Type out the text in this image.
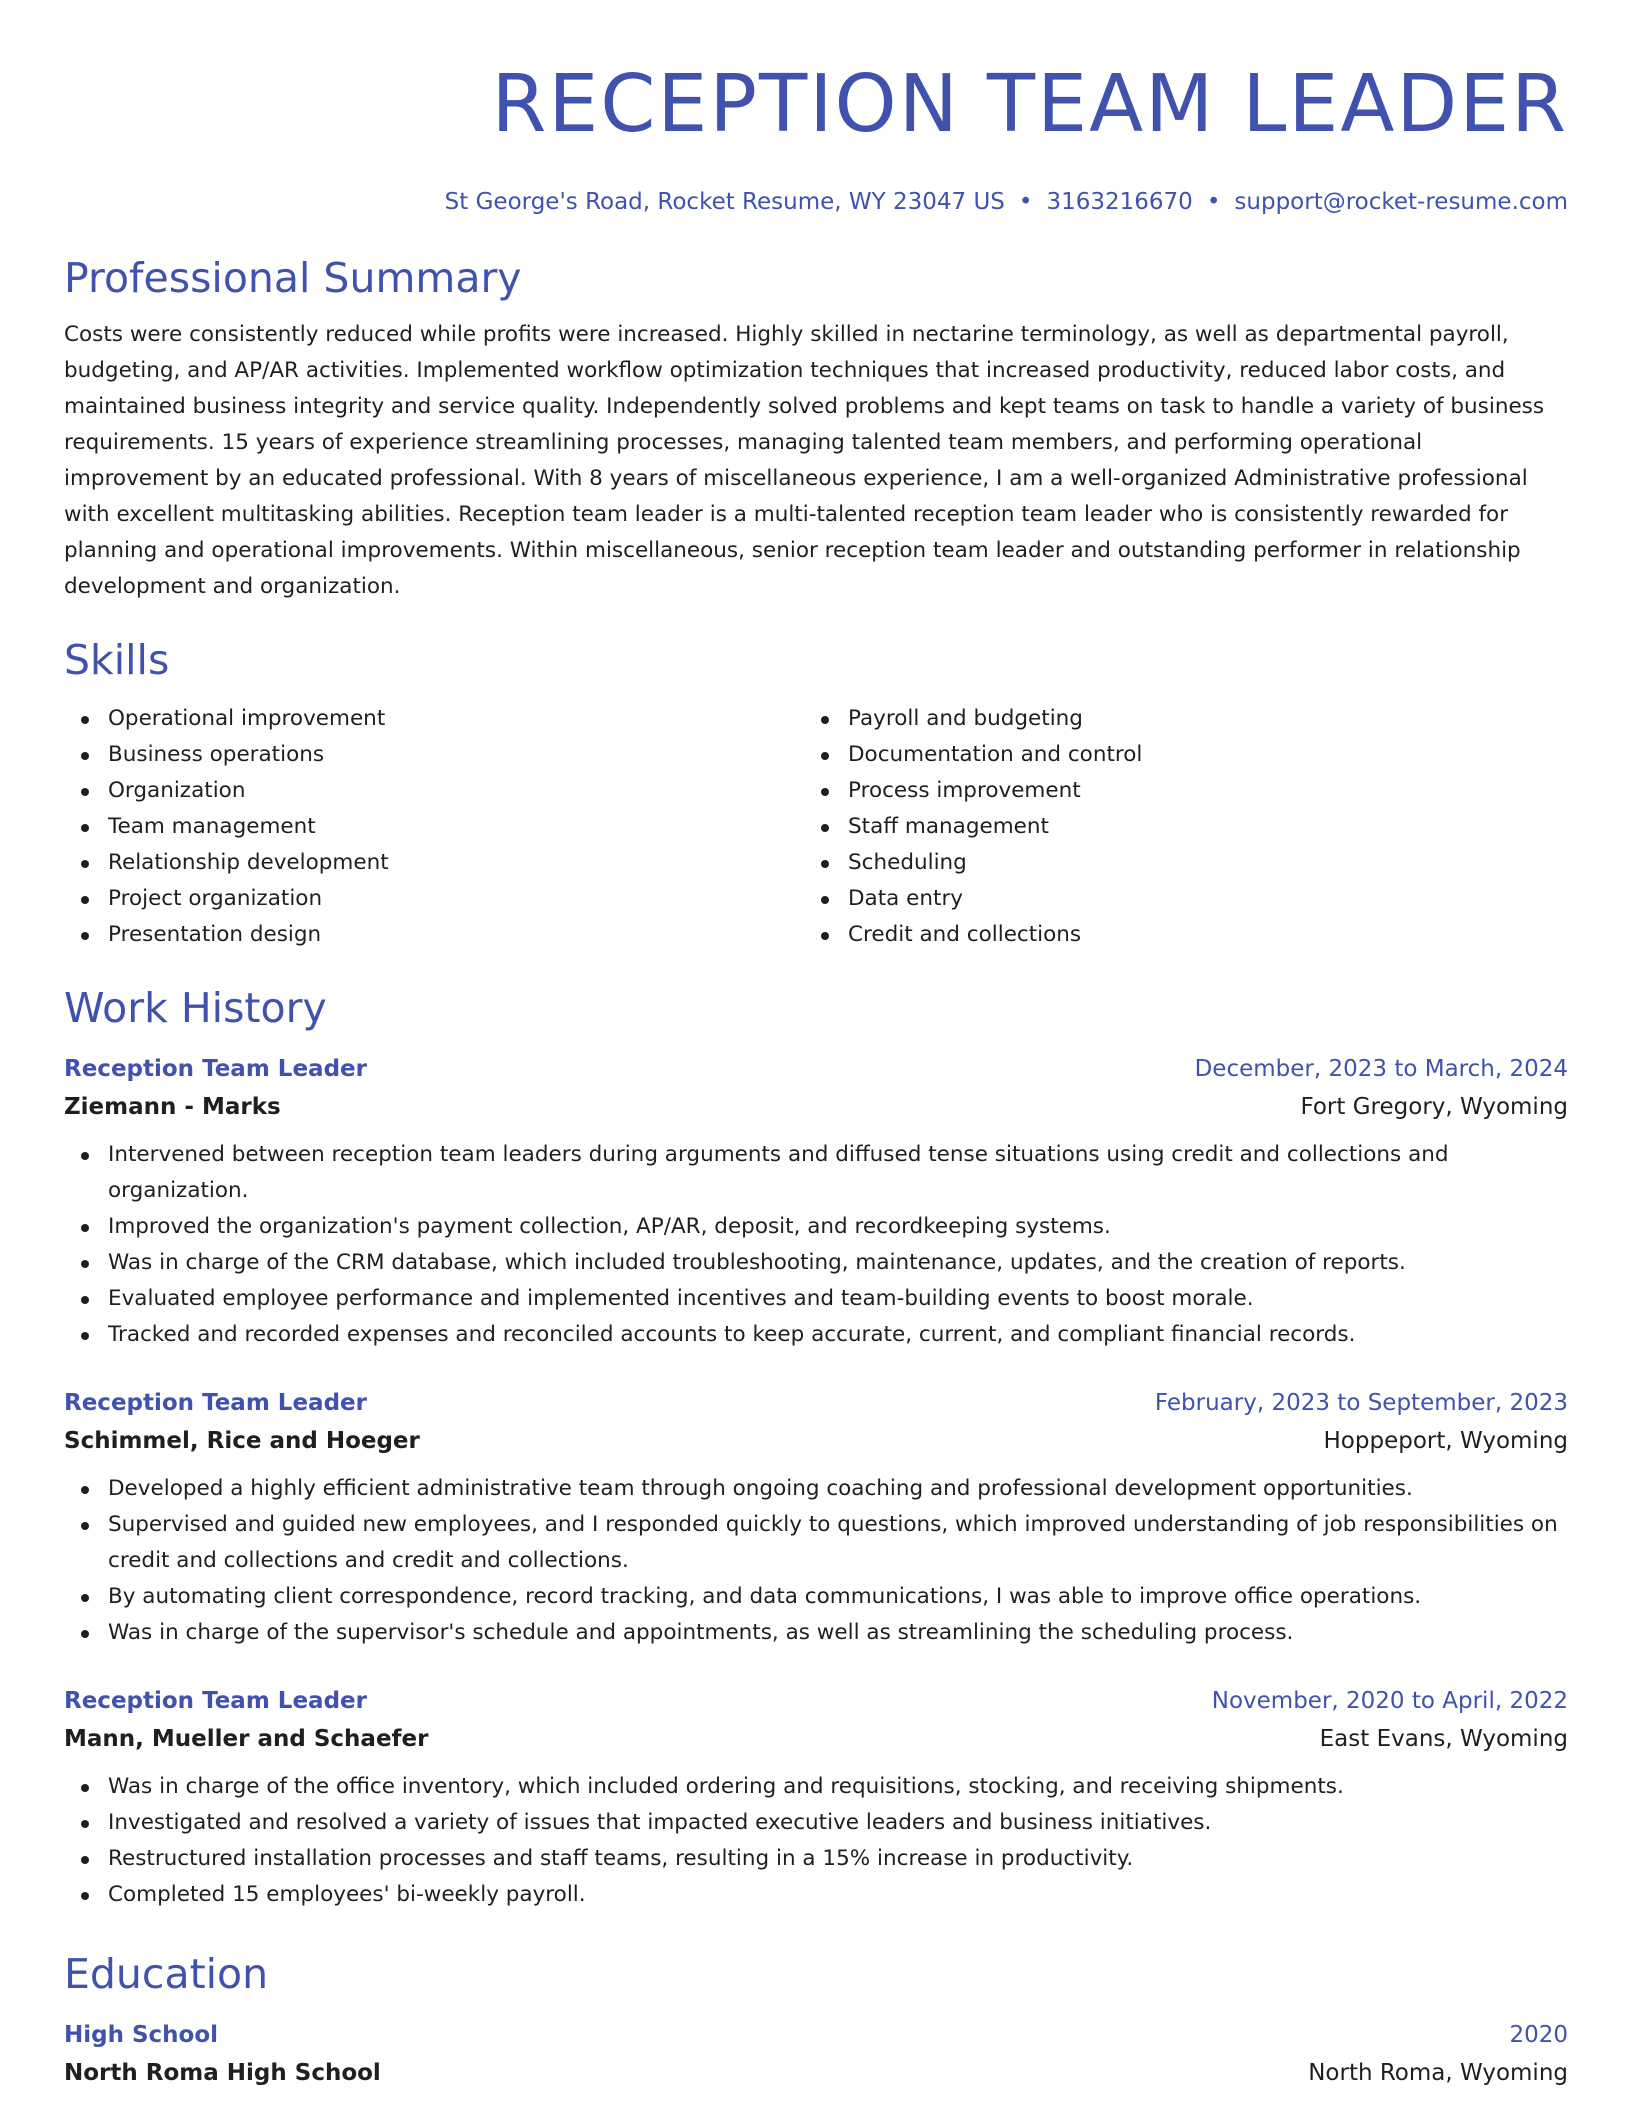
RECEPTION TEAM LEADER
St George's Road, Rocket Resume, WY 23047 US • 3163216670 • support@rocket-resume.com
Professional Summary
Costs were consistently reduced while profits were increased. Highly skilled in nectarine terminology, as well as departmental payroll, budgeting, and AP/AR activities. Implemented workflow optimization techniques that increased productivity, reduced labor costs, and maintained business integrity and service quality. Independently solved problems and kept teams on task to handle a variety of business requirements. 15 years of experience streamlining processes, managing talented team members, and performing operational improvement by an educated professional. With 8 years of miscellaneous experience, I am a well-organized Administrative professional with excellent multitasking abilities. Reception team leader is a multi-talented reception team leader who is consistently rewarded for planning and operational improvements. Within miscellaneous, senior reception team leader and outstanding performer in relationship development and organization.
Skills
Operational improvement
Business operations
Organization
Team management
Relationship development
Project organization
Presentation design
Payroll and budgeting
Documentation and control
Process improvement
Staff management
Scheduling
Data entry
Credit and collections
Work History
Reception Team Leader	December, 2023 to March, 2024
Ziemann - Marks	Fort Gregory, Wyoming
Intervened between reception team leaders during arguments and diffused tense situations using credit and collections and organization.
Improved the organization's payment collection, AP/AR, deposit, and recordkeeping systems.
Was in charge of the CRM database, which included troubleshooting, maintenance, updates, and the creation of reports.
Evaluated employee performance and implemented incentives and team-building events to boost morale.
Tracked and recorded expenses and reconciled accounts to keep accurate, current, and compliant financial records.
Reception Team Leader	February, 2023 to September, 2023
Schimmel, Rice and Hoeger	Hoppeport, Wyoming
Developed a highly efficient administrative team through ongoing coaching and professional development opportunities.
Supervised and guided new employees, and I responded quickly to questions, which improved understanding of job responsibilities on credit and collections and credit and collections.
By automating client correspondence, record tracking, and data communications, I was able to improve office operations.
Was in charge of the supervisor's schedule and appointments, as well as streamlining the scheduling process.
Reception Team Leader	November, 2020 to April, 2022
Mann, Mueller and Schaefer	East Evans, Wyoming
Was in charge of the office inventory, which included ordering and requisitions, stocking, and receiving shipments.
Investigated and resolved a variety of issues that impacted executive leaders and business initiatives.
Restructured installation processes and staff teams, resulting in a 15% increase in productivity.
Completed 15 employees' bi-weekly payroll.
Education
High School	2020
North Roma High School	North Roma, Wyoming
